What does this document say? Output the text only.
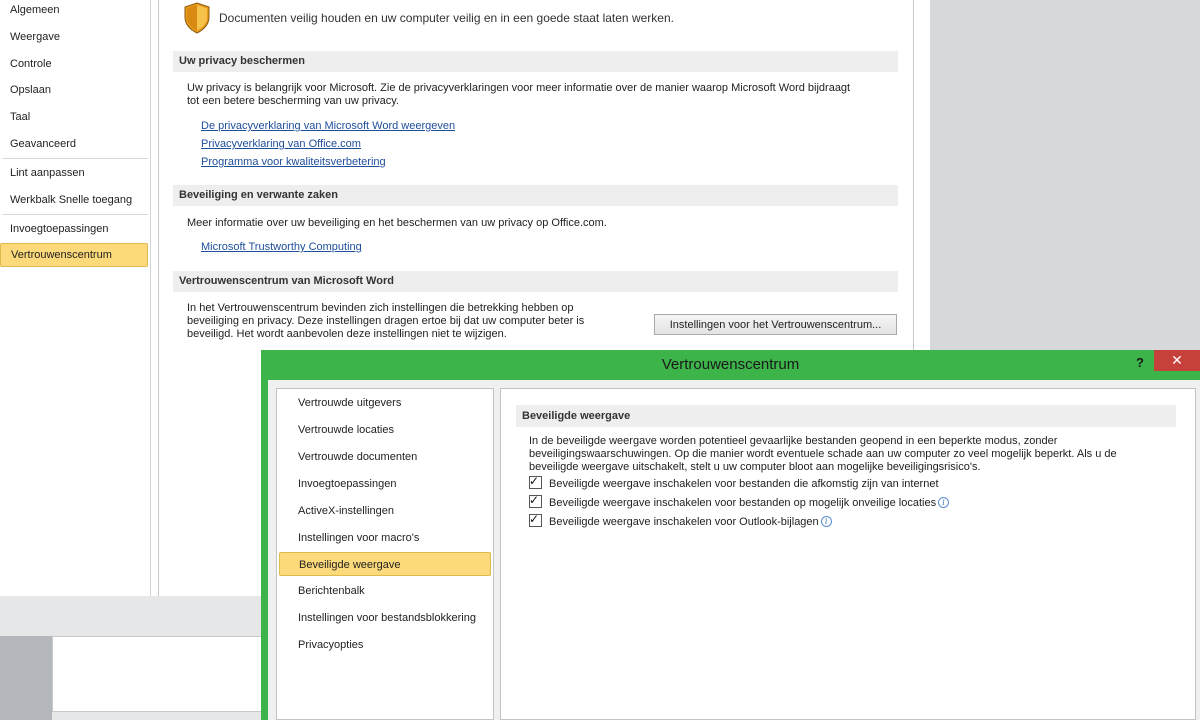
Algemeen
Weergave
Controle
Opslaan
Taal
Geavanceerd
Lint aanpassen
Werkbalk Snelle toegang
Invoegtoepassingen
Vertrouwenscentrum
Documenten veilig houden en uw computer veilig en in een goede staat laten werken.
Uw privacy beschermen
Uw privacy is belangrijk voor Microsoft. Zie de privacyverklaringen voor meer informatie over de manier waarop Microsoft Word bijdraagt
tot een betere bescherming van uw privacy.
De privacyverklaring van Microsoft Word weergeven
Privacyverklaring van Office.com
Programma voor kwaliteitsverbetering
Beveiliging en verwante zaken
Meer informatie over uw beveiliging en het beschermen van uw privacy op Office.com.
Microsoft Trustworthy Computing
Vertrouwenscentrum van Microsoft Word
In het Vertrouwenscentrum bevinden zich instellingen die betrekking hebben op
beveiliging en privacy. Deze instellingen dragen ertoe bij dat uw computer beter is
beveiligd. Het wordt aanbevolen deze instellingen niet te wijzigen.
Instellingen voor het Vertrouwenscentrum...
Vertrouwenscentrum	?	✕
Vertrouwde uitgevers
Vertrouwde locaties
Vertrouwde documenten
Invoegtoepassingen
ActiveX-instellingen
Instellingen voor macro's
Beveiligde weergave
Berichtenbalk
Instellingen voor bestandsblokkering
Privacyopties
Beveiligde weergave
In de beveiligde weergave worden potentieel gevaarlijke bestanden geopend in een beperkte modus, zonder
beveiligingswaarschuwingen. Op die manier wordt eventuele schade aan uw computer zo veel mogelijk beperkt. Als u de
beveiligde weergave uitschakelt, stelt u uw computer bloot aan mogelijke beveiligingsrisico's.
✓ Beveiligde weergave inschakelen voor bestanden die afkomstig zijn van internet
✓ Beveiligde weergave inschakelen voor bestanden op mogelijk onveilige locaties i
✓ Beveiligde weergave inschakelen voor Outlook-bijlagen i
